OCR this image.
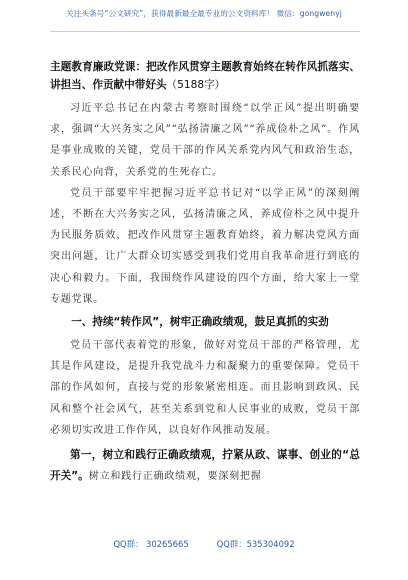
关注头条号“公文研究”，获得最新最全最专业的公文资料库！ 微信：gongwenyj
主题教育廉政党课：把改作风贯穿主题教育始终在转作风抓落实、讲担当、作贡献中带好头（5188字）

习近平总书记在内蒙古考察时围绕“以学正风”提出明确要求，强调“大兴务实之风”“弘扬清廉之风”“养成俭朴之风”。作风是事业成败的关键，党员干部的作风关系党内风气和政治生态，关系民心向背，关系党的生死存亡。

党员干部要牢牢把握习近平总书记对“以学正风”的深刻阐述，不断在大兴务实之风，弘扬清廉之风，养成俭朴之风中提升为民服务质效，把改作风贯穿主题教育始终，着力解决党风方面突出问题，让广大群众切实感受到我们党用自我革命进行到底的决心和毅力。下面，我围绕作风建设的四个方面，给大家上一堂专题党课。

一、持续“转作风”，树牢正确政绩观，鼓足真抓的实劲

党员干部代表着党的形象，做好对党员干部的严格管理，尤其是作风建设，是提升我党战斗力和凝聚力的重要保障。党员干部的作风如何，直接与党的形象紧密相连。而且影响到政风、民风和整个社会风气，甚至关系到党和人民事业的成败，党员干部必须切实改进工作作风，以良好作风推动发展。

第一，树立和践行正确政绩观，拧紧从政、谋事、创业的“总开关”。树立和践行正确政绩观，要深刻把握

QQ群： 30265665	QQ群：535304092
